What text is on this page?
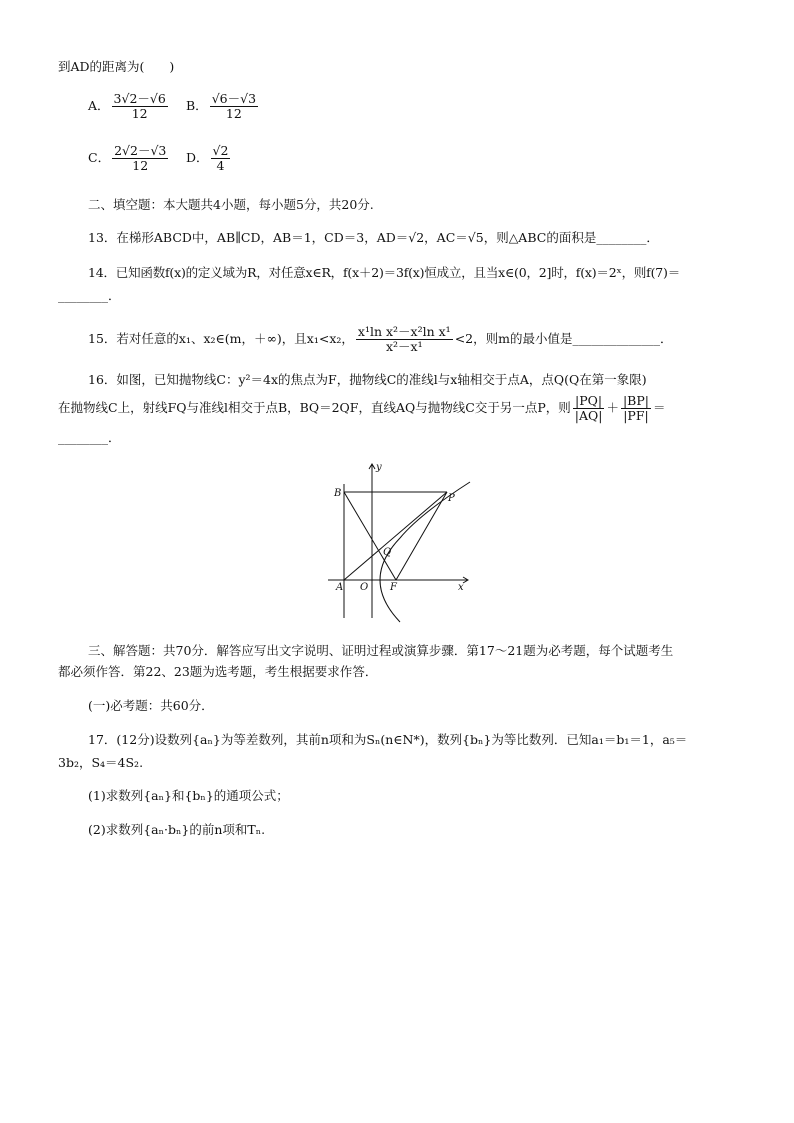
到AD的距离为(　　)
A． $\frac{3√2-√6}{12}$ B． $\frac{√6-√3}{12}$
C． $\frac{2√2-√3}{12}$ D． $\frac{√2}{4}$
二、填空题：本大题共4小题，每小题5分，共20分.
13．在梯形ABCD中，AB∥CD，AB＝1，CD＝3，AD＝√2，AC＝√5，则△ABC的面积是________．
14．已知函数f(x)的定义域为R，对任意x∈R，f(x＋2)＝3f(x)恒成立，且当x∈(0，2]时，f(x)＝2ˣ，则f(7)＝
________．
15．若对任意的x₁、x₂∈(m，＋∞)，且x₁<x₂， $\frac{\text{x¹ln x²－x²ln x¹}}{\text{x²－x¹}} <2$，则m的最小值是______________．
16．如图，已知抛物线C：y²＝4x的焦点为F，抛物线C的准线l与x轴相交于点A，点Q(Q在第一象限)
在抛物线C上，射线FQ与准线l相交于点B，BQ＝2QF，直线AQ与抛物线C交于另一点P，则 $\frac{|PQ|}{|AQ|} + \frac{|BP|}{|PF|}$ ＝
________．
y
B	P
Q
A O F	x
三、解答题：共70分．解答应写出文字说明、证明过程或演算步骤．第17～21题为必考题，每个试题考生
都必须作答．第22、23题为选考题，考生根据要求作答．
(一)必考题：共60分．
17．(12分)设数列{aₙ}为等差数列，其前n项和为Sₙ(n∈N*)，数列{bₙ}为等比数列．已知a₁＝b₁＝1，a₅＝
3b₂，S₄＝4S₂.
(1)求数列{aₙ}和{bₙ}的通项公式；
(2)求数列{aₙ·bₙ}的前n项和Tₙ.
